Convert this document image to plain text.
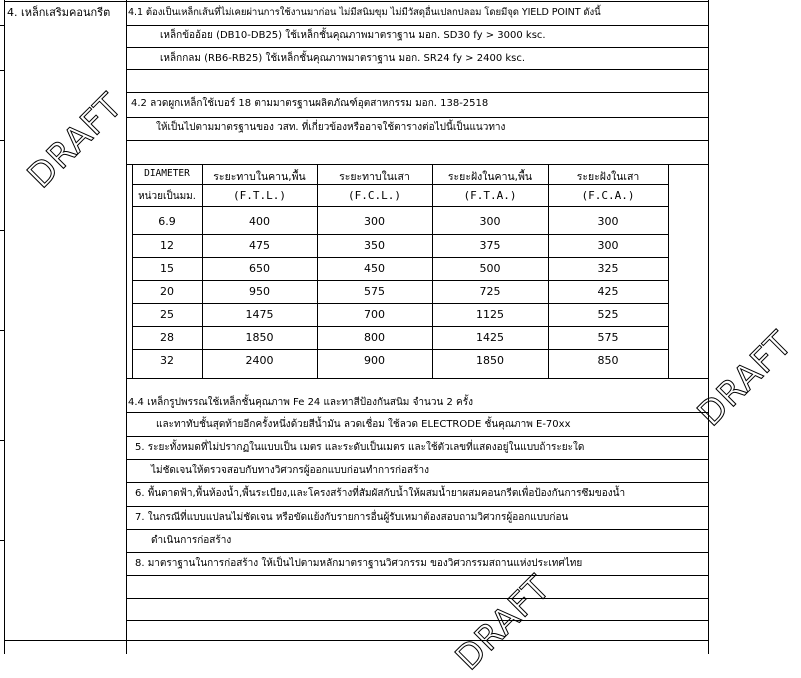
4. เหล็กเสริมคอนกรีต 4.1 ต้องเป็นเหล็กเส้นที่ไม่เคยผ่านการใช้งานมาก่อน ไม่มีสนิมขุม ไม่มีวัสดุอื่นเปลกปลอม โดยมีจุด YIELD POINT ดังนี้
เหล็กข้ออ้อย (DB10-DB25) ใช้เหล็กชั้นคุณภาพมาตราฐาน มอก. SD30 fy > 3000 ksc.
เหล็กกลม (RB6-RB25) ใช้เหล็กชั้นคุณภาพมาตราฐาน มอก. SR24 fy > 2400 ksc.
4.2 ลวดผูกเหล็กใช้เบอร์ 18 ตามมาตรฐานผลิตภัณฑ์อุตสาหกรรม มอก. 138-2518
ให้เป็นไปตามมาตรฐานของ วสท. ที่เกี่ยวข้องหรืออาจใช้ตารางต่อไปนี้เป็นแนวทาง
DIAMETER	ระยะทาบในคาน,พื้น	ระยะทาบในเสา	ระยะฝังในคาน,พื้น	ระยะฝังในเสา
หน่วยเป็นมม.	(F.T.L.)	(F.C.L.)	(F.T.A.)	(F.C.A.)
6.9	400	300	300	300
12	475	350	375	300
15	650	450	500	325
20	950	575	725	425
25	1475	700	1125	525
28	1850	800	1425	575
32	2400	900	1850	850
4.4 เหล็กรูปพรรณใช้เหล็กชั้นคุณภาพ Fe 24 และทาสีป้องกันสนิม จำนวน 2 ครั้ง
และทาทับชั้นสุดท้ายอีกครั้งหนึ่งด้วยสีน้ำมัน ลวดเชื่อม ใช้ลวด ELECTRODE ชั้นคุณภาพ E-70xx
5. ระยะทั้งหมดที่ไม่ปรากฏในแบบเป็น เมตร และระดับเป็นเมตร และใช้ตัวเลขที่แสดงอยู่ในแบบถ้าระยะใด
ไม่ชัดเจนให้ตรวจสอบกับทางวิศวกรผู้ออกแบบก่อนทำการก่อสร้าง
6. พื้นดาดฟ้า,พื้นห้องน้ำ,พื้นระเบียง,และโครงสร้างที่สัมผัสกับน้ำให้ผสมน้ำยาผสมคอนกรีตเพื่อป้องกันการซึมของน้ำ
7. ในกรณีที่แบบแปลนไม่ชัดเจน หรือขัดแย้งกับรายการอื่นผู้รับเหมาต้องสอบถามวิศวกรผู้ออกแบบก่อน
ดำเนินการก่อสร้าง
8. มาตราฐานในการก่อสร้าง ให้เป็นไปตามหลักมาตราฐานวิศวกรรม ของวิศวกรรมสถานแห่งประเทศไทย
DRAFT
DRAFT
DRAFT
